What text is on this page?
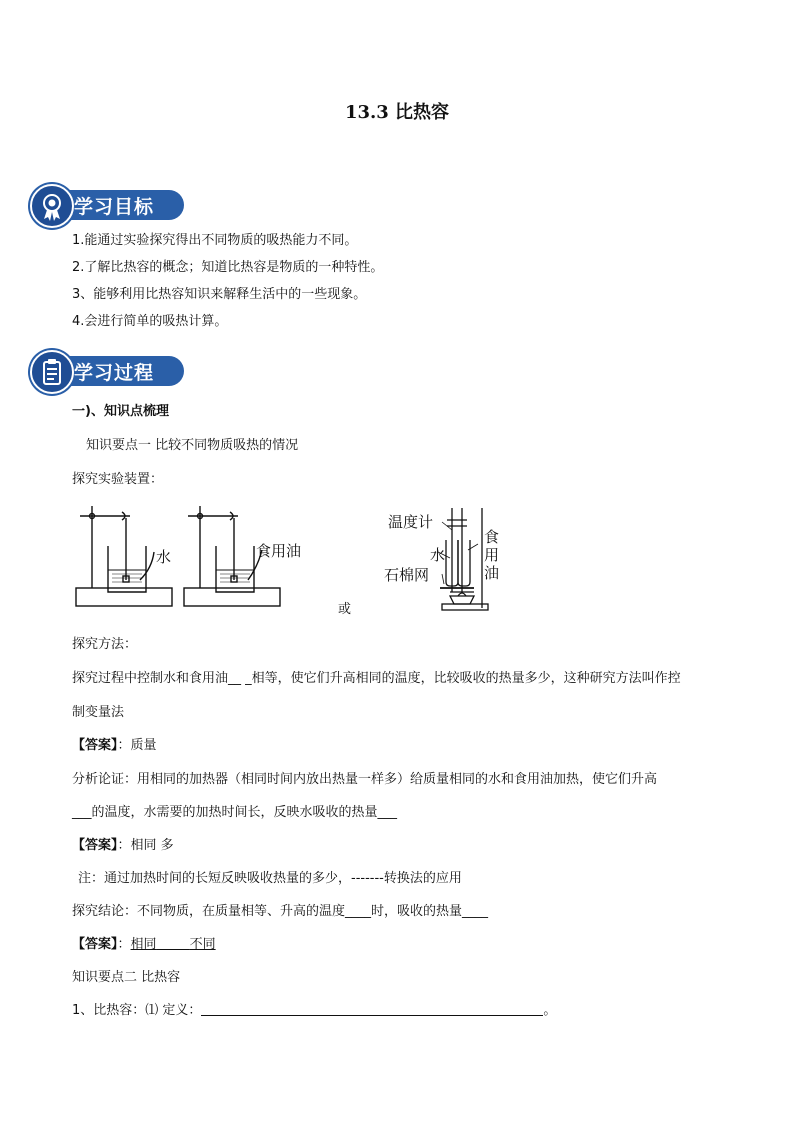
13.3 比热容
学习目标
1.能通过实验探究得出不同物质的吸热能力不同。
2.了解比热容的概念；知道比热容是物质的一种特性。
3、能够利用比热容知识来解释生活中的一些现象。
4.会进行简单的吸热计算。
学习过程
一)、知识点梳理
知识要点一 比较不同物质吸热的情况
探究实验装置：
水	食用油
或
温度计
水
石棉网
食
用
油
探究方法：
探究过程中控制水和食用油__ _相等，使它们升高相同的温度，比较吸收的热量多少，这种研究方法叫作控
制变量法
【答案】：质量
分析论证：用相同的加热器（相同时间内放出热量一样多）给质量相同的水和食用油加热，使它们升高
___的温度，水需要的加热时间长，反映水吸收的热量___
【答案】：相同 多
注：通过加热时间的长短反映吸收热量的多少，-------转换法的应用
探究结论：不同物质，在质量相等、升高的温度____时，吸收的热量____
【答案】：相同	不同
知识要点二 比热容
1、比热容：⑴ 定义：	。
